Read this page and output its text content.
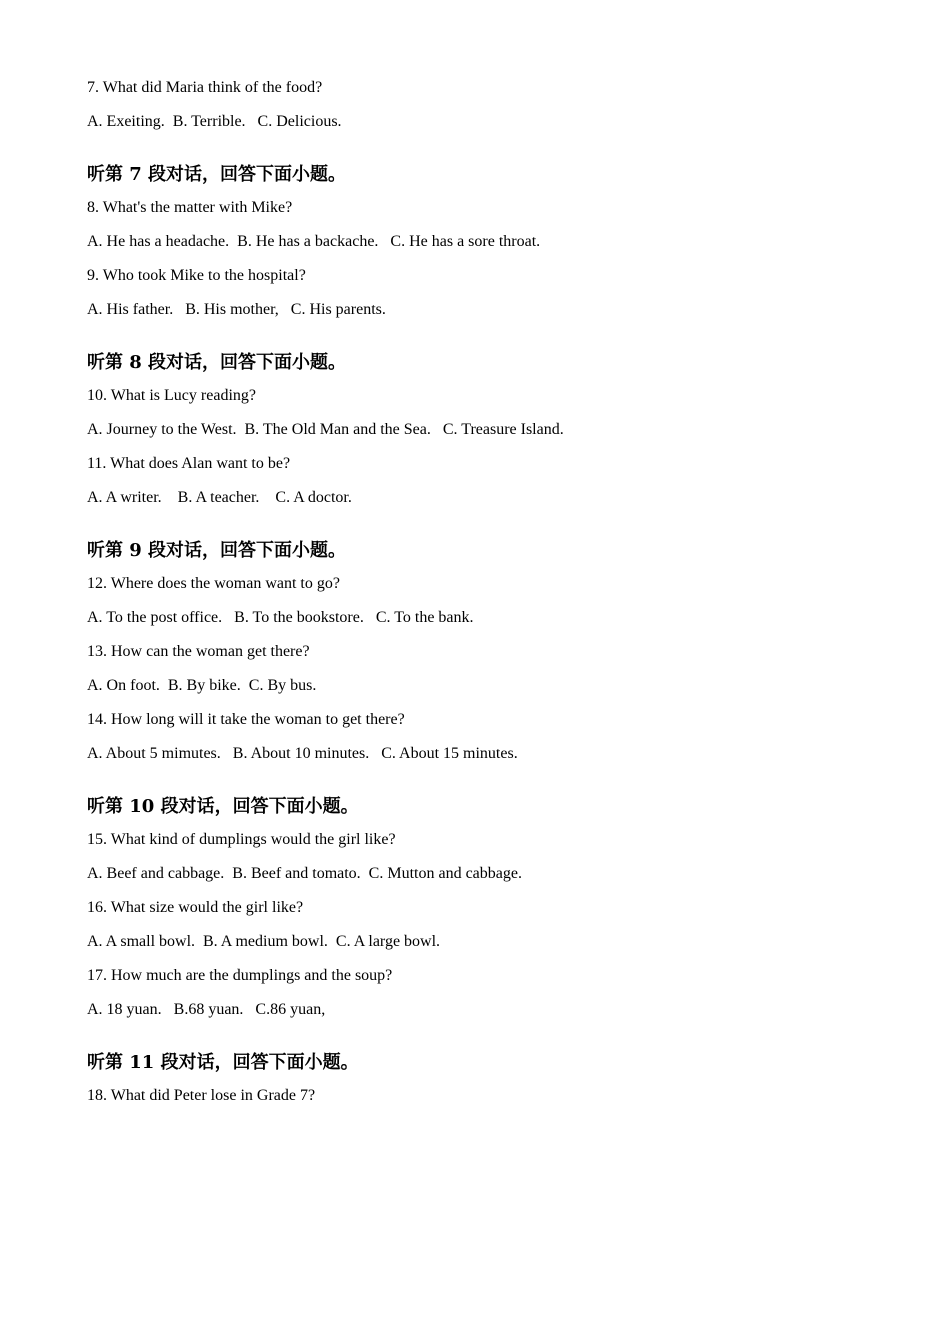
7. What did Maria think of the food?
A. Exeiting.  B. Terrible.   C. Delicious.
听第 7 段对话，回答下面小题。
8. What's the matter with Mike?
A. He has a headache.  B. He has a backache.   C. He has a sore throat.
9. Who took Mike to the hospital?
A. His father.   B. His mother,   C. His parents.
听第 8 段对话，回答下面小题。
10. What is Lucy reading?
A. Journey to the West.  B. The Old Man and the Sea.   C. Treasure Island.
11. What does Alan want to be?
A. A writer.    B. A teacher.    C. A doctor.
听第 9 段对话，回答下面小题。
12. Where does the woman want to go?
A. To the post office.   B. To the bookstore.   C. To the bank.
13. How can the woman get there?
A. On foot.  B. By bike.  C. By bus.
14. How long will it take the woman to get there?
A. About 5 mimutes.   B. About 10 minutes.   C. About 15 minutes.
听第 10 段对话，回答下面小题。
15. What kind of dumplings would the girl like?
A. Beef and cabbage.  B. Beef and tomato.  C. Mutton and cabbage.
16. What size would the girl like?
A. A small bowl.  B. A medium bowl.  C. A large bowl.
17. How much are the dumplings and the soup?
A. 18 yuan.   B.68 yuan.   C.86 yuan,
听第 11 段对话，回答下面小题。
18. What did Peter lose in Grade 7?
